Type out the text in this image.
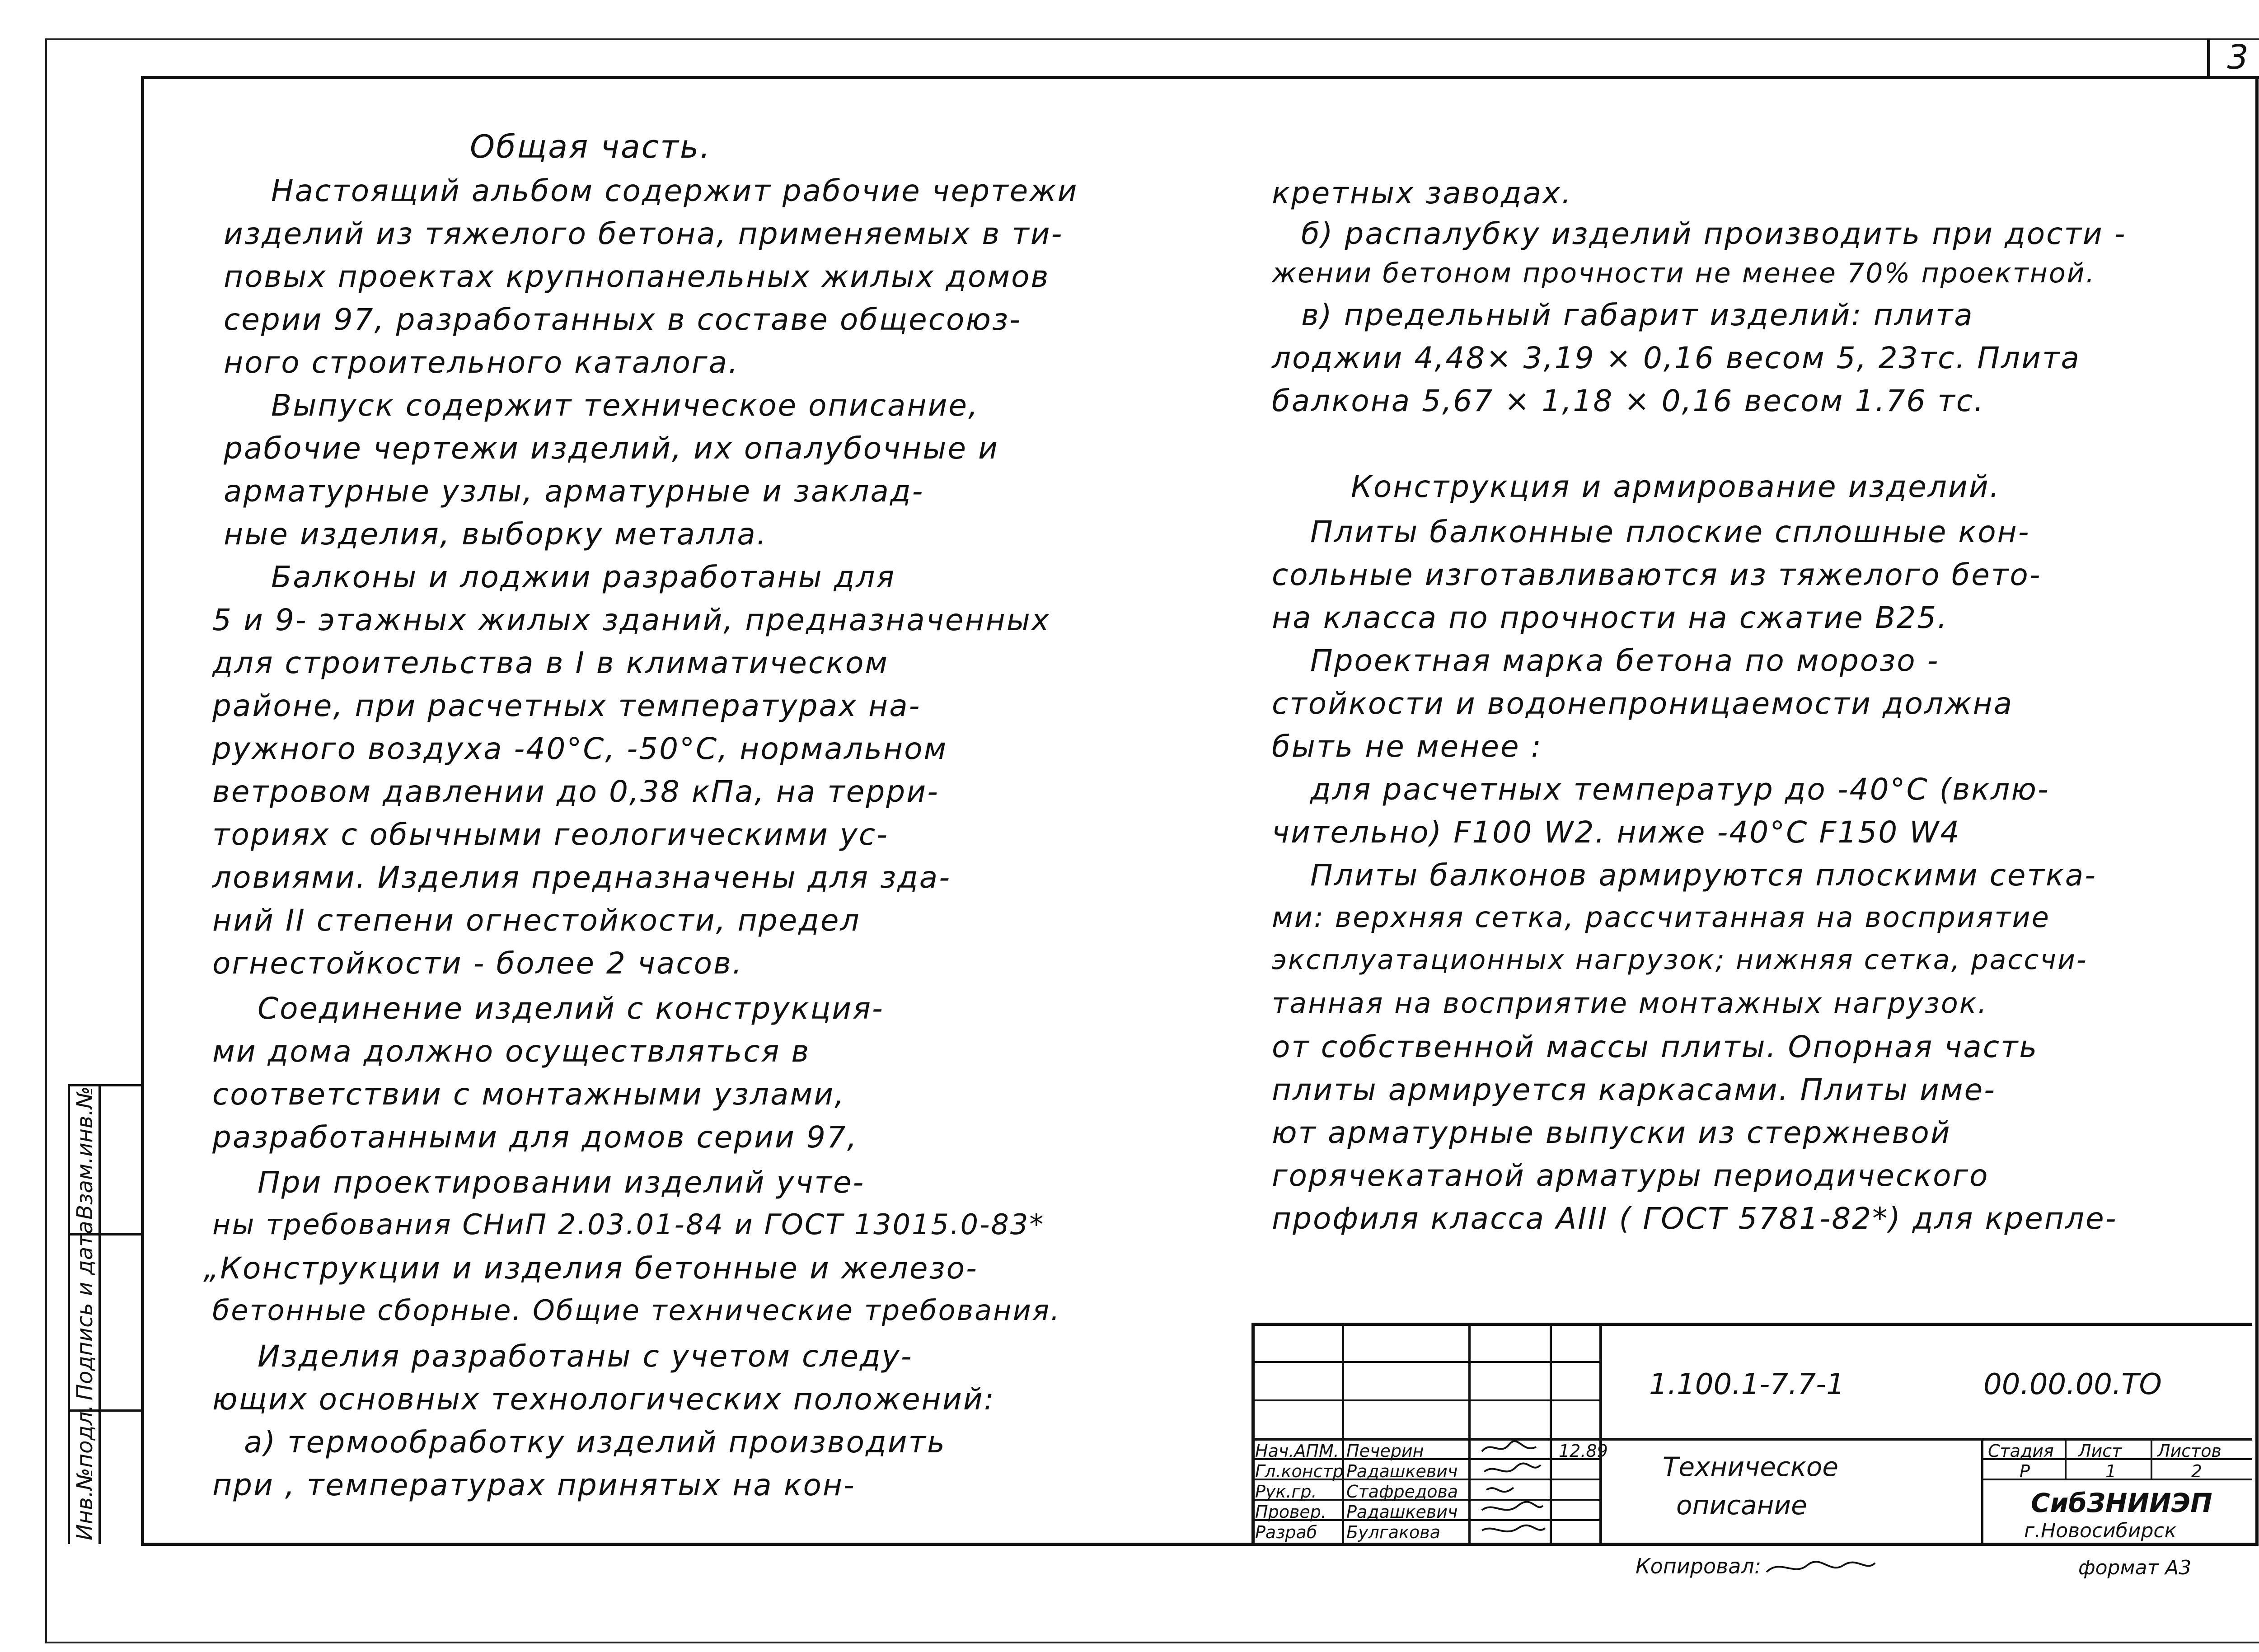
3
Общая часть.
Настоящий альбом содержит рабочие чертежи
изделий из тяжелого бетона, применяемых в ти-
повых проектах крупнопанельных жилых домов
серии 97, разработанных в составе общесоюз-
ного строительного каталога.
Выпуск содержит техническое описание,
рабочие чертежи изделий, их опалубочные и
арматурные узлы, арматурные и заклад-
ные изделия, выборку металла.
Балконы и лоджии разработаны для
5 и 9- этажных жилых зданий, предназначенных
для строительства в I в климатическом
районе, при расчетных температурах на-
ружного воздуха -40°С, -50°С, нормальном
ветровом давлении до 0,38 кПа, на терри-
ториях с обычными геологическими ус-
ловиями. Изделия предназначены для зда-
ний II степени огнестойкости, предел
огнестойкости - более 2 часов.
Соединение изделий с конструкция-
ми дома должно осуществляться в
соответствии с монтажными узлами,
разработанными для домов серии 97,
При проектировании изделий учте-
ны требования СНиП 2.03.01-84 и ГОСТ 13015.0-83*
„Конструкции и изделия бетонные и железо-
бетонные сборные. Общие технические требования.
Изделия разработаны с учетом следу-
ющих основных технологических положений:
а) термообработку изделий производить
при , температурах принятых на кон-
кретных заводах.
б) распалубку изделий производить при дости -
жении бетоном прочности не менее 70% проектной.
в) предельный габарит изделий: плита
лоджии 4,48× 3,19 × 0,16 весом 5, 23тс. Плита
балкона 5,67 × 1,18 × 0,16 весом 1.76 тс.
Конструкция и армирование изделий.
Плиты балконные плоские сплошные кон-
сольные изготавливаются из тяжелого бето-
на класса по прочности на сжатие В25.
Проектная марка бетона по морозо -
стойкости и водонепроницаемости должна
быть не менее :
для расчетных температур до -40°С (вклю-
чительно) F100 W2. ниже -40°С F150 W4
Плиты балконов армируются плоскими сетка-
ми: верхняя сетка, рассчитанная на восприятие
эксплуатационных нагрузок; нижняя сетка, рассчи-
танная на восприятие монтажных нагрузок.
от собственной массы плиты. Опорная часть
плиты армируется каркасами. Плиты име-
ют арматурные выпуски из стержневой
горячекатаной арматуры периодического
профиля класса АIII ( ГОСТ 5781-82*) для крепле-
Взам.инв.№
Подпись и дата
Инв.№подл.	Нач.АПМ. Печерин
Гл.констр Радашкевич
Рук.гр. Стафредова
Провер. Радашкевич
Разраб Булгакова
12.89
1.100.1-7.7-1	00.00.00.ТО
Техническое
описание
Стадия Лист Листов
Р	1	2
СибЗНИИЭП
г.Новосибирск
Копировал:	формат А3
